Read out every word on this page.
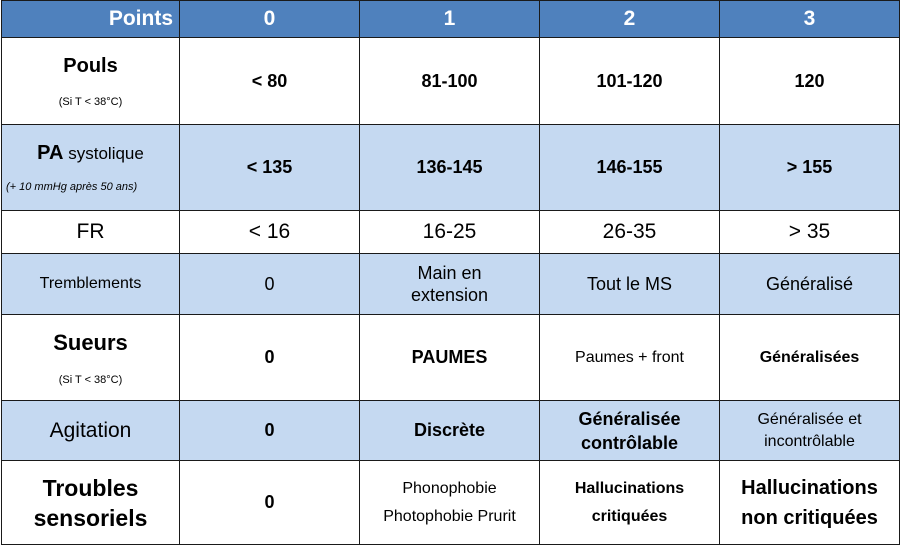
Points	0	1	2	3

Pouls
(Si T < 38°C)	< 80	81-100	101-120	120

PA systolique
(+ 10 mmHg après 50 ans)	< 135	136-145	146-155	> 155
FR	< 16	16-25	26-35	> 35
Tremblements	0	Main en extension	Tout le MS	Généralisé

Sueurs
(Si T < 38°C)	0	PAUMES	Paumes + front	Généralisées
Agitation	0	Discrète	Généralisée contrôlable	Généralisée et incontrôlable

Troubles
sensoriels	0	Phonophobie Photophobie Prurit	Hallucinations critiquées	Hallucinations non critiquées
